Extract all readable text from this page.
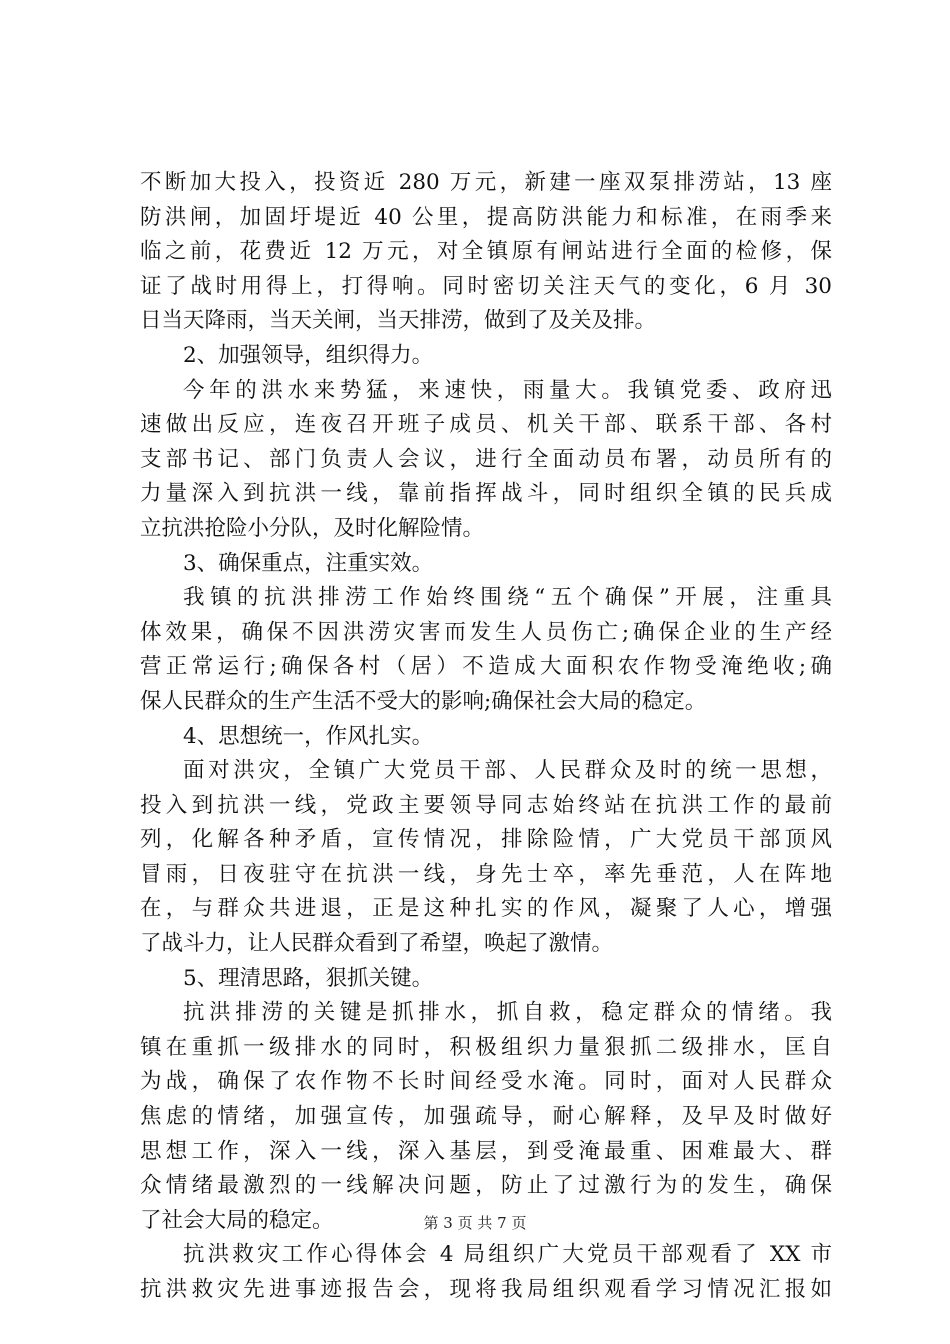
不断加大投入，投资近 280 万元，新建一座双泵排涝站，13 座
防洪闸，加固圩堤近 40 公里，提高防洪能力和标准，在雨季来
临之前，花费近 12 万元，对全镇原有闸站进行全面的检修，保
证了战时用得上，打得响。同时密切关注天气的变化，6 月 30
日当天降雨，当天关闸，当天排涝，做到了及关及排。
2、加强领导，组织得力。
今年的洪水来势猛，来速快，雨量大。我镇党委、政府迅
速做出反应，连夜召开班子成员、机关干部、联系干部、各村
支部书记、部门负责人会议，进行全面动员布署，动员所有的
力量深入到抗洪一线，靠前指挥战斗，同时组织全镇的民兵成
立抗洪抢险小分队，及时化解险情。
3、确保重点，注重实效。
我镇的抗洪排涝工作始终围绕“五个确保”开展，注重具
体效果，确保不因洪涝灾害而发生人员伤亡;确保企业的生产经
营正常运行;确保各村（居）不造成大面积农作物受淹绝收;确
保人民群众的生产生活不受大的影响;确保社会大局的稳定。
4、思想统一，作风扎实。
面对洪灾，全镇广大党员干部、人民群众及时的统一思想，
投入到抗洪一线，党政主要领导同志始终站在抗洪工作的最前
列，化解各种矛盾，宣传情况，排除险情，广大党员干部顶风
冒雨，日夜驻守在抗洪一线，身先士卒，率先垂范，人在阵地
在，与群众共进退，正是这种扎实的作风，凝聚了人心，增强
了战斗力，让人民群众看到了希望，唤起了激情。
5、理清思路，狠抓关键。
抗洪排涝的关键是抓排水，抓自救，稳定群众的情绪。我
镇在重抓一级排水的同时，积极组织力量狠抓二级排水，匡自
为战，确保了农作物不长时间经受水淹。同时，面对人民群众
焦虑的情绪，加强宣传，加强疏导，耐心解释，及早及时做好
思想工作，深入一线，深入基层，到受淹最重、困难最大、群
众情绪最激烈的一线解决问题，防止了过激行为的发生，确保
了社会大局的稳定。
抗洪救灾工作心得体会 4 局组织广大党员干部观看了 XX 市
抗洪救灾先进事迹报告会，现将我局组织观看学习情况汇报如
第 3 页 共 7 页
